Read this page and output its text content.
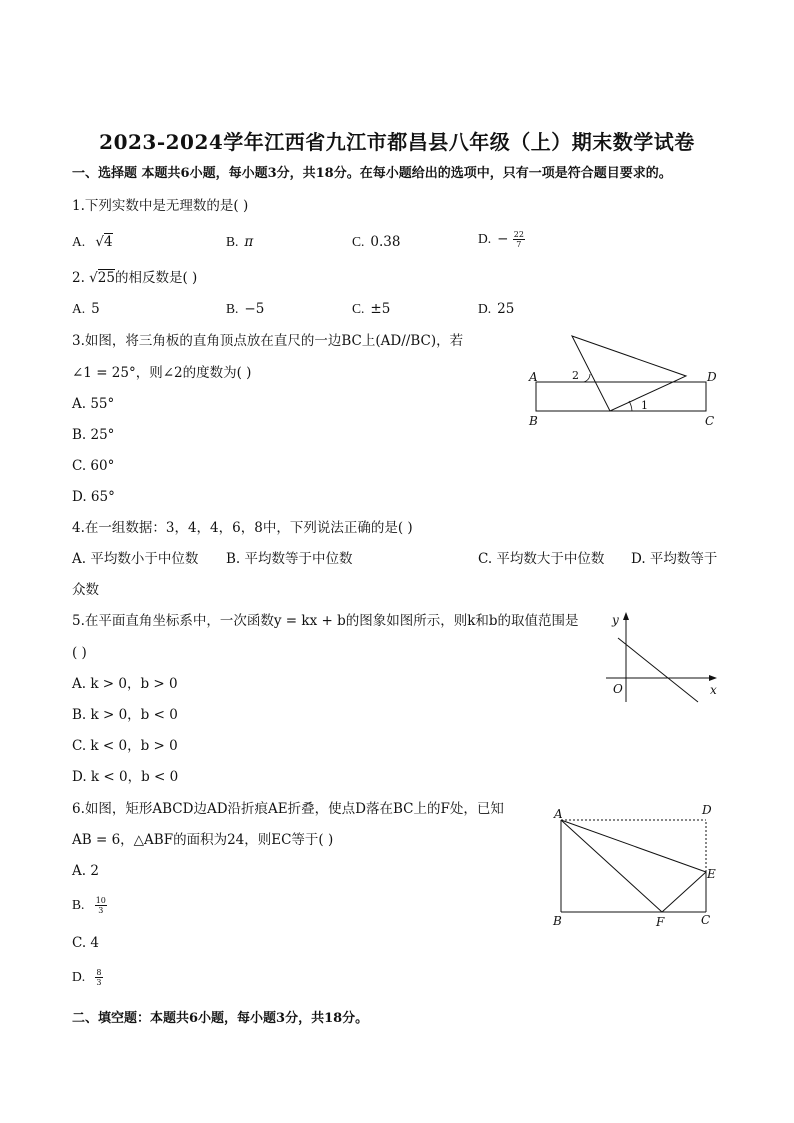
2023-2024学年江西省九江市都昌县八年级（上）期末数学试卷
一、选择题 本题共6小题，每小题3分，共18分。在每小题给出的选项中，只有一项是符合题目要求的。
1.下列实数中是无理数的是( )
A. √4	B. π	C. 0.38	D. − $\frac{22}{7}$
2. √25的相反数是( )
A. 5	B. −5	C. ±5	D. 25
3.如图，将三角板的直角顶点放在直尺的一边BC上(AD//BC)，若
∠1 = 25°，则∠2的度数为( )
A. 55°
B. 25°
C. 60°
D. 65°
A	D
B	C
2
1
4.在一组数据：3，4，4，6，8中，下列说法正确的是( )
A. 平均数小于中位数 B. 平均数等于中位数	C. 平均数大于中位数 D. 平均数等于
众数
5.在平面直角坐标系中，一次函数y = kx + b的图象如图所示，则k和b的取值范围是
( )
A. k > 0，b > 0
B. k > 0，b < 0
C. k < 0，b > 0
D. k < 0，b < 0
y
x
O
6.如图，矩形ABCD边AD沿折痕AE折叠，使点D落在BC上的F处，已知
AB = 6，△ABF的面积为24，则EC等于( )
A. 2
B. $\frac{10}{3}$
C. 4
D. $\frac{8}{3}$
A	D
B	F	C
E
二、填空题：本题共6小题，每小题3分，共18分。
